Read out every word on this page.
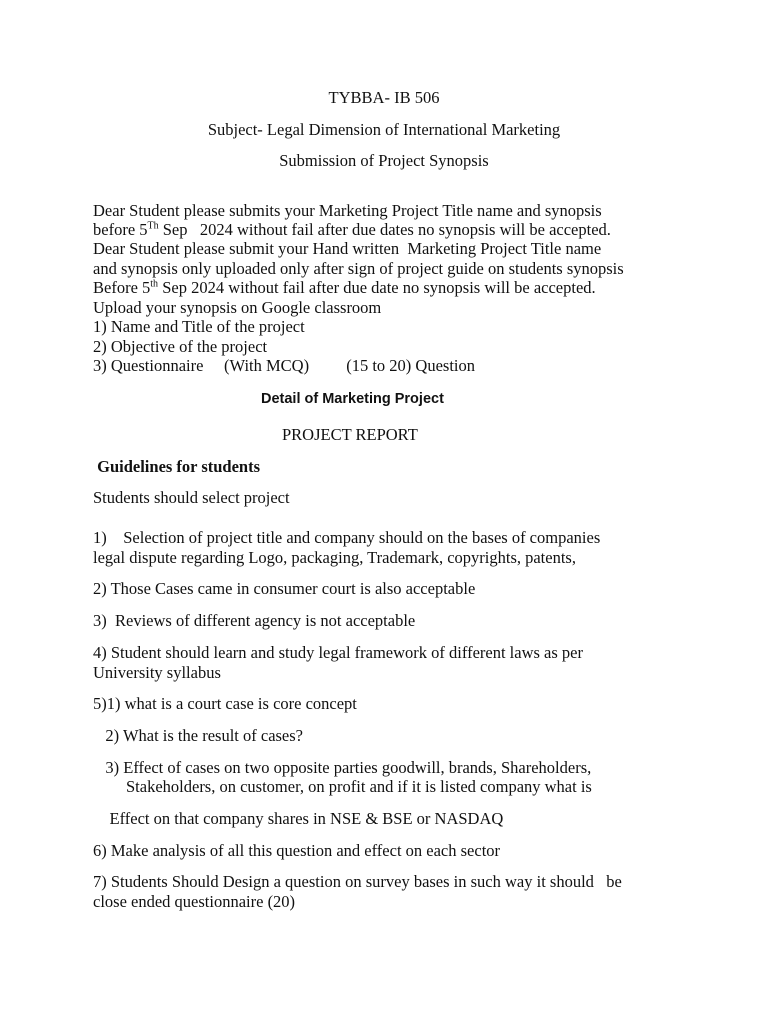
TYBBA- IB 506

Subject- Legal Dimension of International Marketing

Submission of Project Synopsis

Dear Student please submits your Marketing Project Title name and synopsis

before 5Th Sep   2024 without fail after due dates no synopsis will be accepted.

Dear Student please submit your Hand written  Marketing Project Title name

and synopsis only uploaded only after sign of project guide on students synopsis

Before 5th Sep 2024 without fail after due date no synopsis will be accepted.

Upload your synopsis on Google classroom

1) Name and Title of the project

2) Objective of the project

3) Questionnaire     (With MCQ)         (15 to 20) Question

Detail of Marketing Project

PROJECT REPORT

Guidelines for students

Students should select project

1)    Selection of project title and company should on the bases of companies

legal dispute regarding Logo, packaging, Trademark, copyrights, patents,

2) Those Cases came in consumer court is also acceptable

3)  Reviews of different agency is not acceptable

4) Student should learn and study legal framework of different laws as per

University syllabus

5)1) what is a court case is core concept

2) What is the result of cases?

3) Effect of cases on two opposite parties goodwill, brands, Shareholders,

Stakeholders, on customer, on profit and if it is listed company what is

Effect on that company shares in NSE & BSE or NASDAQ

6) Make analysis of all this question and effect on each sector

7) Students Should Design a question on survey bases in such way it should   be

close ended questionnaire (20)
